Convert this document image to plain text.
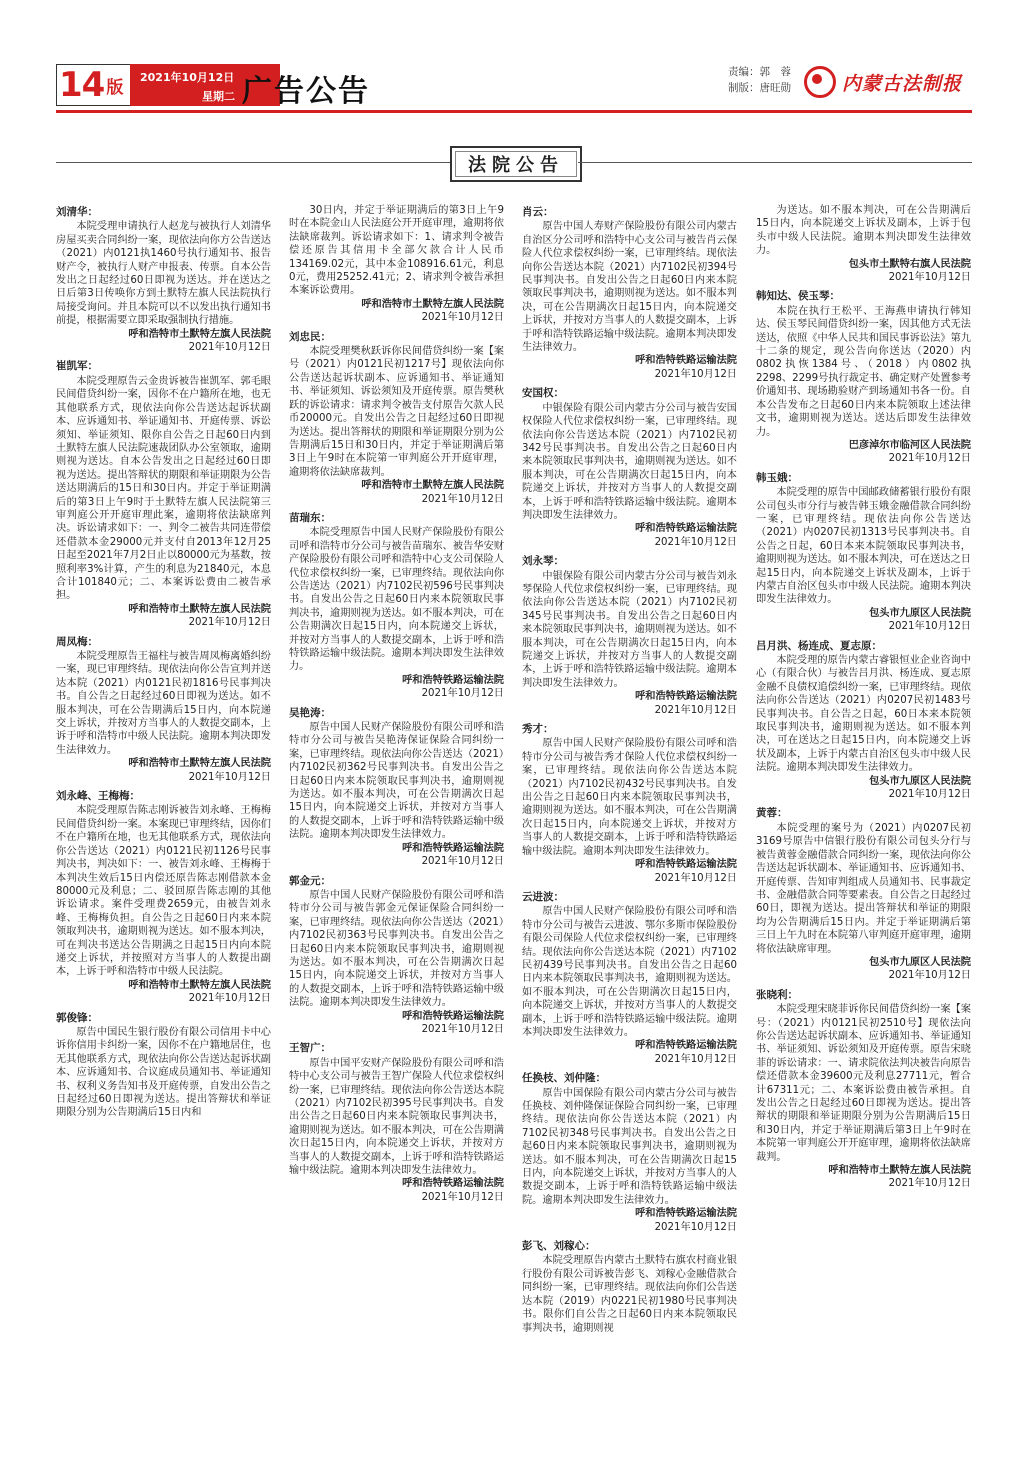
14 版 2021年10月12日
星期二 广告公告
责编：郭　蓉
制版：唐旺勋	内蒙古法制报
法院公告
刘清华：
本院受理申请执行人赵龙与被执行人刘清华房屋买卖合同纠纷一案，现依法向你方公告送达（2021）内0121执1460号执行通知书、报告财产令，被执行人财产申报表、传票。自本公告发出之日起经过60日即视为送达。并在送达之日后第3日传唤你方到土默特左旗人民法院执行局接受询问。并且本院可以不以发出执行通知书前提，根据需要立即采取强制执行措施。
呼和浩特市土默特左旗人民法院
2021年10月12日
崔凯军：
本院受理原告云金贵诉被告崔凯军、郭毛眼民间借贷纠纷一案，因你不在户籍所在地，也无其他联系方式，现依法向你公告送达起诉状副本、应诉通知书、举证通知书、开庭传票、诉讼须知、举证须知、限你自公告之日起60日内到土默特左旗人民法院速裁团队办公室领取，逾期则视为送达。自本公告发出之日起经过60日即视为送达。提出答辩状的期限和举证期限为公告送达期满后的15日和30日内。并定于举证期满后的第3日上午9时于土默特左旗人民法院第三审判庭公开开庭审理此案，逾期将依法缺席判决。诉讼请求如下：一、判令二被告共同连带偿还借款本金29000元并支付自2013年12月25日起至2021年7月2日止以80000元为基数，按照利率3%计算，产生的利息为21840元，本息合计101840元；二、本案诉讼费由二被告承担。
呼和浩特市土默特左旗人民法院
2021年10月12日
周凤梅：
本院受理原告王福柱与被告周凤梅离婚纠纷一案，现已审理终结。现依法向你公告宣判并送达本院（2021）内0121民初1816号民事判决书。自公告之日起经过60日即视为送达。如不服本判决，可在公告期满后15日内，向本院递交上诉状，并按对方当事人的人数提交副本，上诉于呼和浩特市中级人民法院。逾期本判决即发生法律效力。
呼和浩特市土默特左旗人民法院
2021年10月12日
刘永峰、王梅梅：
本院受理原告陈志刚诉被告刘永峰、王梅梅民间借贷纠纷一案。本案现已审理终结，因你们不在户籍所在地，也无其他联系方式，现依法向你公告送达（2021）内0121民初1126号民事判决书，判决如下：一、被告刘永峰、王梅梅于本判决生效后15日内偿还原告陈志刚借款本金80000元及利息；二、驳回原告陈志刚的其他诉讼请求。案件受理费2659元，由被告刘永峰、王梅梅负担。自公告之日起60日内来本院领取判决书，逾期则视为送达。如不服本判决，可在判决书送达公告期满之日起15日内向本院递交上诉状，并按照对方当事人的人数提出副本，上诉于呼和浩特市中级人民法院。
呼和浩特市土默特左旗人民法院
2021年10月12日
郭俊锋：
原告中国民生银行股份有限公司信用卡中心诉你信用卡纠纷一案，因你不在户籍地居住，也无其他联系方式，现依法向你公告送达起诉状副本、应诉通知书、合议庭成员通知书、举证通知书、权利义务告知书及开庭传票，自发出公告之日起经过60日即视为送达。提出答辩状和举证期限分别为公告期满后15日内和
30日内，并定于举证期满后的第3日上午9时在本院金山人民法庭公开开庭审理，逾期将依法缺席裁判。诉讼请求如下：1、请求判令被告偿还原告其信用卡全部欠款合计人民币134169.02元，其中本金108916.61元，利息0元，费用25252.41元；2、请求判令被告承担本案诉讼费用。
呼和浩特市土默特左旗人民法院
2021年10月12日
刘忠民：
本院受理樊秋跃诉你民间借贷纠纷一案【案号（2021）内0121民初1217号】现依法向你公告送达起诉状副本、应诉通知书、举证通知书、举证须知、诉讼须知及开庭传票。原告樊秋跃的诉讼请求：请求判令被告支付原告欠款人民币20000元。自发出公告之日起经过60日即视为送达。提出答辩状的期限和举证期限分别为公告期满后15日和30日内，并定于举证期满后第3日上午9时在本院第一审判庭公开开庭审理，逾期将依法缺席裁判。
呼和浩特市土默特左旗人民法院
2021年10月12日
苗瑞东：
本院受理原告中国人民财产保险股份有限公司呼和浩特市分公司与被告苗瑞东、被告华安财产保险股份有限公司呼和浩特中心支公司保险人代位求偿权纠纷一案，已审理终结。现依法向你公告送达（2021）内7102民初596号民事判决书。自发出公告之日起60日内来本院领取民事判决书，逾期则视为送达。如不服本判决，可在公告期满次日起15日内，向本院递交上诉状，并按对方当事人的人数提交副本，上诉于呼和浩特铁路运输中级法院。逾期本判决即发生法律效力。
呼和浩特铁路运输法院
2021年10月12日
吴艳涛：
原告中国人民财产保险股份有限公司呼和浩特市分公司与被告吴艳涛保证保险合同纠纷一案，已审理终结。现依法向你公告送达（2021）内7102民初362号民事判决书。自发出公告之日起60日内来本院领取民事判决书，逾期则视为送达。如不服本判决，可在公告期满次日起15日内，向本院递交上诉状，并按对方当事人的人数提交副本，上诉于呼和浩特铁路运输中级法院。逾期本判决即发生法律效力。
呼和浩特铁路运输法院
2021年10月12日
郭金元：
原告中国人民财产保险股份有限公司呼和浩特市分公司与被告郭金元保证保险合同纠纷一案，已审理终结。现依法向你公告送达（2021）内7102民初363号民事判决书。自发出公告之日起60日内来本院领取民事判决书，逾期则视为送达。如不服本判决，可在公告期满次日起15日内，向本院递交上诉状，并按对方当事人的人数提交副本，上诉于呼和浩特铁路运输中级法院。逾期本判决即发生法律效力。
呼和浩特铁路运输法院
2021年10月12日
王智广：
原告中国平安财产保险股份有限公司呼和浩特中心支公司与被告王智广保险人代位求偿权纠纷一案，已审理终结。现依法向你公告送达本院（2021）内7102民初395号民事判决书。自发出公告之日起60日内来本院领取民事判决书，逾期则视为送达。如不服本判决，可在公告期满次日起15日内，向本院递交上诉状，并按对方当事人的人数提交副本，上诉于呼和浩特铁路运输中级法院。逾期本判决即发生法律效力。
呼和浩特铁路运输法院
2021年10月12日
肖云：
原告中国人寿财产保险股份有限公司内蒙古自治区分公司呼和浩特中心支公司与被告肖云保险人代位求偿权纠纷一案，已审理终结。现依法向你公告送达本院（2021）内7102民初394号民事判决书。自发出公告之日起60日内来本院领取民事判决书，逾期则视为送达。如不服本判决，可在公告期满次日起15日内，向本院递交上诉状，并按对方当事人的人数提交副本，上诉于呼和浩特铁路运输中级法院。逾期本判决即发生法律效力。
呼和浩特铁路运输法院
2021年10月12日
安国权：
中银保险有限公司内蒙古分公司与被告安国权保险人代位求偿权纠纷一案，已审理终结。现依法向你公告送达本院（2021）内7102民初342号民事判决书。自发出公告之日起60日内来本院领取民事判决书，逾期则视为送达。如不服本判决，可在公告期满次日起15日内，向本院递交上诉状，并按对方当事人的人数提交副本，上诉于呼和浩特铁路运输中级法院。逾期本判决即发生法律效力。
呼和浩特铁路运输法院
2021年10月12日
刘永琴：
中银保险有限公司内蒙古分公司与被告刘永琴保险人代位求偿权纠纷一案，已审理终结。现依法向你公告送达本院（2021）内7102民初345号民事判决书。自发出公告之日起60日内来本院领取民事判决书，逾期则视为送达。如不服本判决，可在公告期满次日起15日内，向本院递交上诉状，并按对方当事人的人数提交副本，上诉于呼和浩特铁路运输中级法院。逾期本判决即发生法律效力。
呼和浩特铁路运输法院
2021年10月12日
秀才：
原告中国人民财产保险股份有限公司呼和浩特市分公司与被告秀才保险人代位求偿权纠纷一案，已审理终结。现依法向你公告送达本院（2021）内7102民初432号民事判决书。自发出公告之日起60日内来本院领取民事判决书，逾期则视为送达。如不服本判决，可在公告期满次日起15日内，向本院递交上诉状，并按对方当事人的人数提交副本，上诉于呼和浩特铁路运输中级法院。逾期本判决即发生法律效力。
呼和浩特铁路运输法院
2021年10月12日
云进波：
原告中国人民财产保险股份有限公司呼和浩特市分公司与被告云进波、鄂尔多斯市保险股份有限公司保险人代位求偿权纠纷一案，已审理终结。现依法向你公告送达本院（2021）内7102民初439号民事判决书。自发出公告之日起60日内来本院领取民事判决书，逾期则视为送达。如不服本判决，可在公告期满次日起15日内，向本院递交上诉状，并按对方当事人的人数提交副本，上诉于呼和浩特铁路运输中级法院。逾期本判决即发生法律效力。
呼和浩特铁路运输法院
2021年10月12日
任换枝、刘仲隆：
原告中国保险有限公司内蒙古分公司与被告任换枝、刘仲隆保证保险合同纠纷一案，已审理终结。现依法向你公告送达本院（2021）内7102民初348号民事判决书。自发出公告之日起60日内来本院领取民事判决书，逾期则视为送达。如不服本判决，可在公告期满次日起15日内，向本院递交上诉状，并按对方当事人的人数提交副本，上诉于呼和浩特铁路运输中级法院。逾期本判决即发生法律效力。
呼和浩特铁路运输法院
2021年10月12日
彭飞、刘稼心：
本院受理原告内蒙古土默特右旗农村商业银行股份有限公司诉被告彭飞、刘稼心金融借款合同纠纷一案，已审理终结。现依法向你们公告送达本院（2019）内0221民初1980号民事判决书。限你们自公告之日起60日内来本院领取民事判决书，逾期则视
为送达。如不服本判决，可在公告期满后15日内，向本院递交上诉状及副本，上诉于包头市中级人民法院。逾期本判决即发生法律效力。
包头市土默特右旗人民法院
2021年10月12日
韩知达、侯玉琴：
本院在执行王松平、王海燕申请执行韩知达、侯玉琴民间借贷纠纷一案，因其他方式无法送达，依照《中华人民共和国民事诉讼法》第九十二条的规定，现公告向你送达（2020）内0802执恢1384号、（2018）内0802执2298、2299号执行裁定书、确定财产处置参考价通知书、现场勘验财产到场通知书各一份。自本公告发布之日起60日内来本院领取上述法律文书，逾期则视为送达。送达后即发生法律效力。
巴彦淖尔市临河区人民法院
2021年10月12日
韩玉娥：
本院受理的原告中国邮政储蓄银行股份有限公司包头市分行与被告韩玉娥金融借款合同纠纷一案，已审理终结。现依法向你公告送达（2021）内0207民初1313号民事判决书。自公告之日起，60日本来本院领取民事判决书，逾期则视为送达。如不服本判决，可在送达之日起15日内，向本院递交上诉状及副本，上诉于内蒙古自治区包头市中级人民法院。逾期本判决即发生法律效力。
包头市九原区人民法院
2021年10月12日
吕月洪、杨连成、夏志原：
本院受理的原告内蒙古睿银恒业企业咨询中心（有限合伙）与被告吕月洪、杨连成、夏志原金融不良债权追偿纠纷一案，已审理终结。现依法向你公告送达（2021）内0207民初1483号民事判决书。自公告之日起，60日本来本院领取民事判决书，逾期则视为送达。如不服本判决，可在送达之日起15日内，向本院递交上诉状及副本，上诉于内蒙古自治区包头市中级人民法院。逾期本判决即发生法律效力。
包头市九原区人民法院
2021年10月12日
黄蓉：
本院受理的案号为（2021）内0207民初3169号原告中信银行股份有限公司包头分行与被告黄蓉金融借款合同纠纷一案，现依法向你公告送达起诉状副本、举证通知书、应诉通知书、开庭传票、告知审判组成人员通知书、民事裁定书、金融借款合同等要素表。自公告之日起经过60日，即视为送达。提出答辩状和举证的期限均为公告期满后15日内。并定于举证期满后第三日上午九时在本院第八审判庭开庭审理，逾期将依法缺席审理。
包头市九原区人民法院
2021年10月12日
张晓利：
本院受理宋晓菲诉你民间借贷纠纷一案【案号：（2021）内0121民初2510号】现依法向你公告送达起诉状副本、应诉通知书、举证通知书、举证须知、诉讼须知及开庭传票。原告宋晓菲的诉讼请求：一、请求院依法判决被告向原告偿还借款本金39600元及利息27711元，暂合计67311元；二、本案诉讼费由被告承担。自发出公告之日起经过60日即视为送达。提出答辩状的期限和举证期限分别为公告期满后15日和30日内，并定于举证期满后第3日上午9时在本院第一审判庭公开开庭审理，逾期将依法缺席裁判。
呼和浩特市土默特左旗人民法院
2021年10月12日
